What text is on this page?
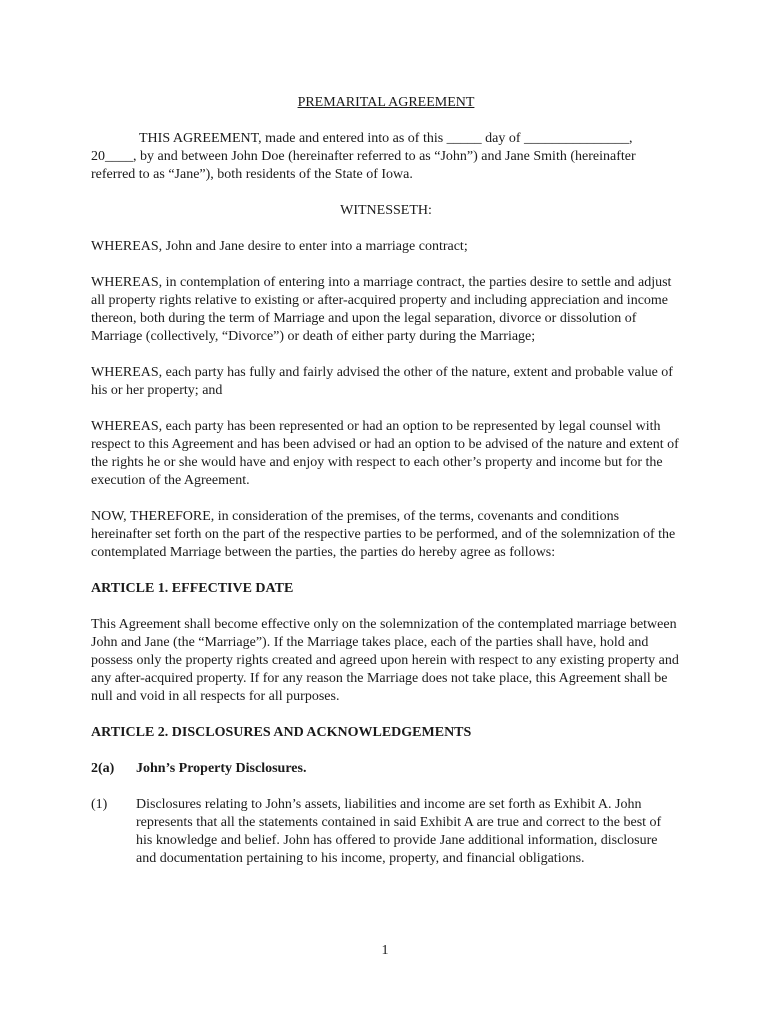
PREMARITAL AGREEMENT

THIS AGREEMENT, made and entered into as of this _____ day of _______________, 20____, by and between John Doe (hereinafter referred to as “John”) and Jane Smith (hereinafter referred to as “Jane”), both residents of the State of Iowa.

WITNESSETH:

WHEREAS, John and Jane desire to enter into a marriage contract;

WHEREAS, in contemplation of entering into a marriage contract, the parties desire to settle and adjust all property rights relative to existing or after-acquired property and including appreciation and income thereon, both during the term of Marriage and upon the legal separation, divorce or dissolution of Marriage (collectively, “Divorce”) or death of either party during the Marriage;

WHEREAS, each party has fully and fairly advised the other of the nature, extent and probable value of his or her property; and

WHEREAS, each party has been represented or had an option to be represented by legal counsel with respect to this Agreement and has been advised or had an option to be advised of the nature and extent of the rights he or she would have and enjoy with respect to each other’s property and income but for the execution of the Agreement.

NOW, THEREFORE, in consideration of the premises, of the terms, covenants and conditions hereinafter set forth on the part of the respective parties to be performed, and of the solemnization of the contemplated Marriage between the parties, the parties do hereby agree as follows:

ARTICLE 1. EFFECTIVE DATE

This Agreement shall become effective only on the solemnization of the contemplated marriage between John and Jane (the “Marriage”). If the Marriage takes place, each of the parties shall have, hold and possess only the property rights created and agreed upon herein with respect to any existing property and any after-acquired property. If for any reason the Marriage does not take place, this Agreement shall be null and void in all respects for all purposes.

ARTICLE 2. DISCLOSURES AND ACKNOWLEDGEMENTS
2(a)	John’s Property Disclosures.
(1)	Disclosures relating to John’s assets, liabilities and income are set forth as Exhibit A. John represents that all the statements contained in said Exhibit A are true and correct to the best of his knowledge and belief. John has offered to provide Jane additional information, disclosure and documentation pertaining to his income, property, and financial obligations.
1
